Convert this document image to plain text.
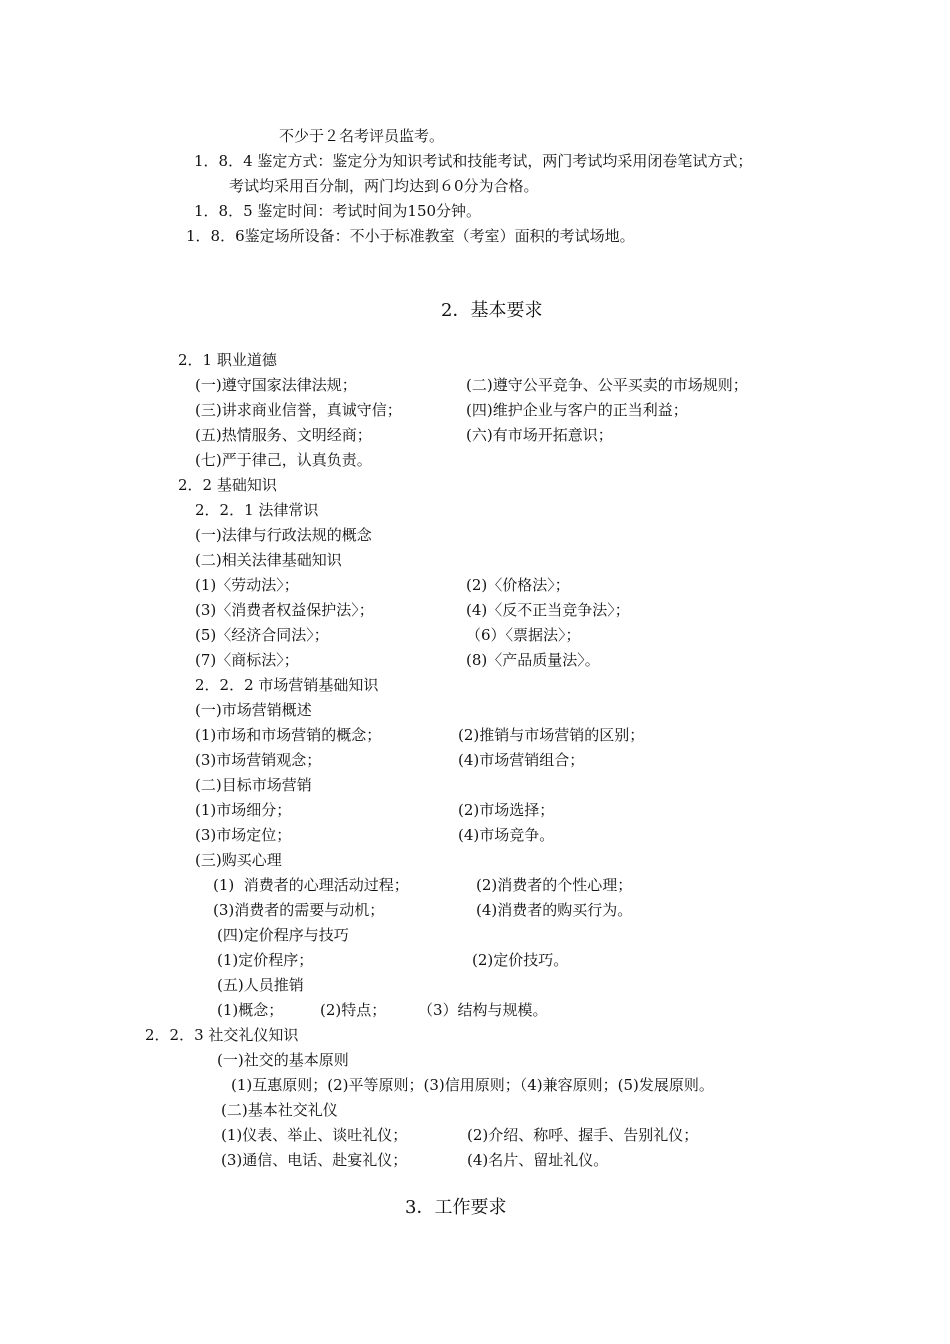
不少于２名考评员监考。
1．8．4 鉴定方式：鉴定分为知识考试和技能考试，两门考试均采用闭卷笔试方式；
考试均采用百分制，两门均达到６0分为合格。
1．8．5 鉴定时间：考试时间为150分钟。
1．8．6鉴定场所设备：不小于标准教室（考室）面积的考试场地。
2．基本要求
2．1 职业道德
(一)遵守国家法律法规；	(二)遵守公平竞争、公平买卖的市场规则；
(三)讲求商业信誉，真诚守信；	(四)维护企业与客户的正当利益；
(五)热情服务、文明经商；	(六)有市场开拓意识；
(七)严于律己，认真负责。
2．2 基础知识
2．2．1 法律常识
(一)法律与行政法规的概念
(二)相关法律基础知识
(1)〈劳动法〉；	(2)〈价格法〉；
(3)〈消费者权益保护法〉；	(4)〈反不正当竞争法〉；
(5)〈经济合同法〉；	（6）〈票据法〉；
(7)〈商标法〉；	(8)〈产品质量法〉。
2．2．2 市场营销基础知识
(一)市场营销概述
(1)市场和市场营销的概念；	(2)推销与市场营销的区别；
(3)市场营销观念；	(4)市场营销组合；
(二)目标市场营销
(1)市场细分；	(2)市场选择；
(3)市场定位；	(4)市场竞争。
(三)购买心理
(1)  消费者的心理活动过程；	(2)消费者的个性心理；
(3)消费者的需要与动机；	(4)消费者的购买行为。
(四)定价程序与技巧
(1)定价程序；	(2)定价技巧。
(五)人员推销
(1)概念； (2)特点； （3）结构与规模。
2．2．3 社交礼仪知识
(一)社交的基本原则
(1)互惠原则；(2)平等原则；(3)信用原则；（4)兼容原则；(5)发展原则。
(二)基本社交礼仪
(1)仪表、举止、谈吐礼仪；	(2)介绍、称呼、握手、告别礼仪；
(3)通信、电话、赴宴礼仪；	(4)名片、留址礼仪。
3．工作要求
